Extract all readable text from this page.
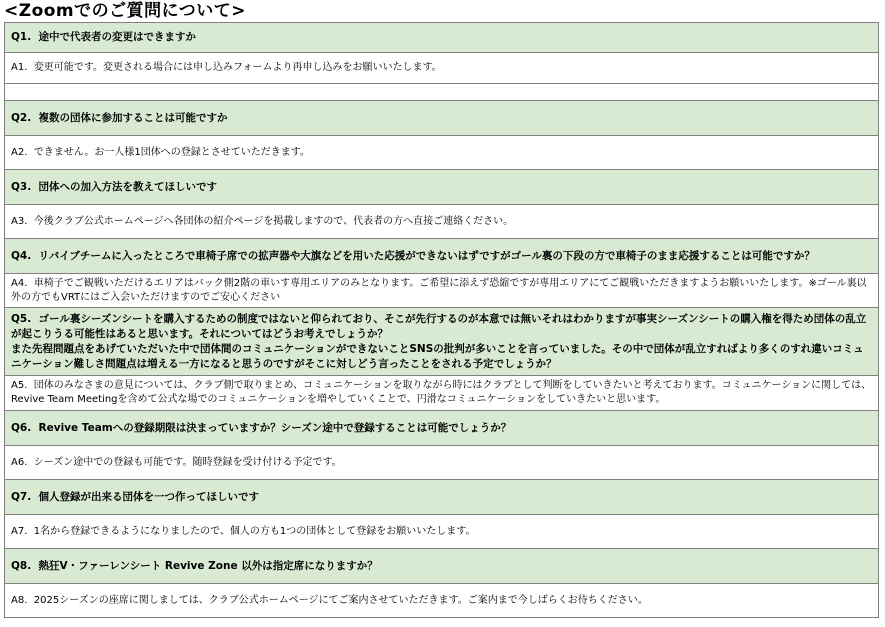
<Zoomでのご質問について>
Q1.  途中で代表者の変更はできますか
A1.  変更可能です。変更される場合には申し込みフォームより再申し込みをお願いいたします。
Q2.  複数の団体に参加することは可能ですか
A2.  できません。お一人様1団体への登録とさせていただきます。
Q3.  団体への加入方法を教えてほしいです
A3.  今後クラブ公式ホームページへ各団体の紹介ページを掲載しますので、代表者の方へ直接ご連絡ください。
Q4.  リバイブチームに入ったところで車椅子席での拡声器や大旗などを用いた応援ができないはずですがゴール裏の下段の方で車椅子のまま応援することは可能ですか？
A4.  車椅子でご観戦いただけるエリアはバック側2階の車いす専用エリアのみとなります。ご希望に添えず恐縮ですが専用エリアにてご観戦いただきますようお願いいたします。※ゴール裏以外の方でもVRTにはご入会いただけますのでご安心ください
Q5.  ゴール裏シーズンシートを購入するための制度ではないと仰られており、そこが先行するのが本意では無いそれはわかりますが事実シーズンシートの購入権を得ため団体の乱立が起こりうる可能性はあると思います。それについてはどうお考えでしょうか？
また先程問題点をあげていただいた中で団体間のコミュニケーションができないことSNSの批判が多いことを言っていました。その中で団体が乱立すればより多くのすれ違いコミュニケーション難しさ問題点は増える一方になると思うのですがそこに対しどう言ったことをされる予定でしょうか？
A5.  団体のみなさまの意見については、クラブ側で取りまとめ、コミュニケーションを取りながら時にはクラブとして判断をしていきたいと考えております。コミュニケーションに関しては、Revive Team Meetingを含めて公式な場でのコミュニケーションを増やしていくことで、円滑なコミュニケーションをしていきたいと思います。
Q6.  Revive Teamへの登録期限は決まっていますか？シーズン途中で登録することは可能でしょうか？
A6.  シーズン途中での登録も可能です。随時登録を受け付ける予定です。
Q7.  個人登録が出来る団体を一つ作ってほしいです
A7.  1名から登録できるようになりましたので、個人の方も1つの団体として登録をお願いいたします。
Q8.  熱狂V・ファーレンシート Revive Zone 以外は指定席になりますか？
A8.  2025シーズンの座席に関しましては、クラブ公式ホームページにてご案内させていただきます。ご案内まで今しばらくお待ちください。
